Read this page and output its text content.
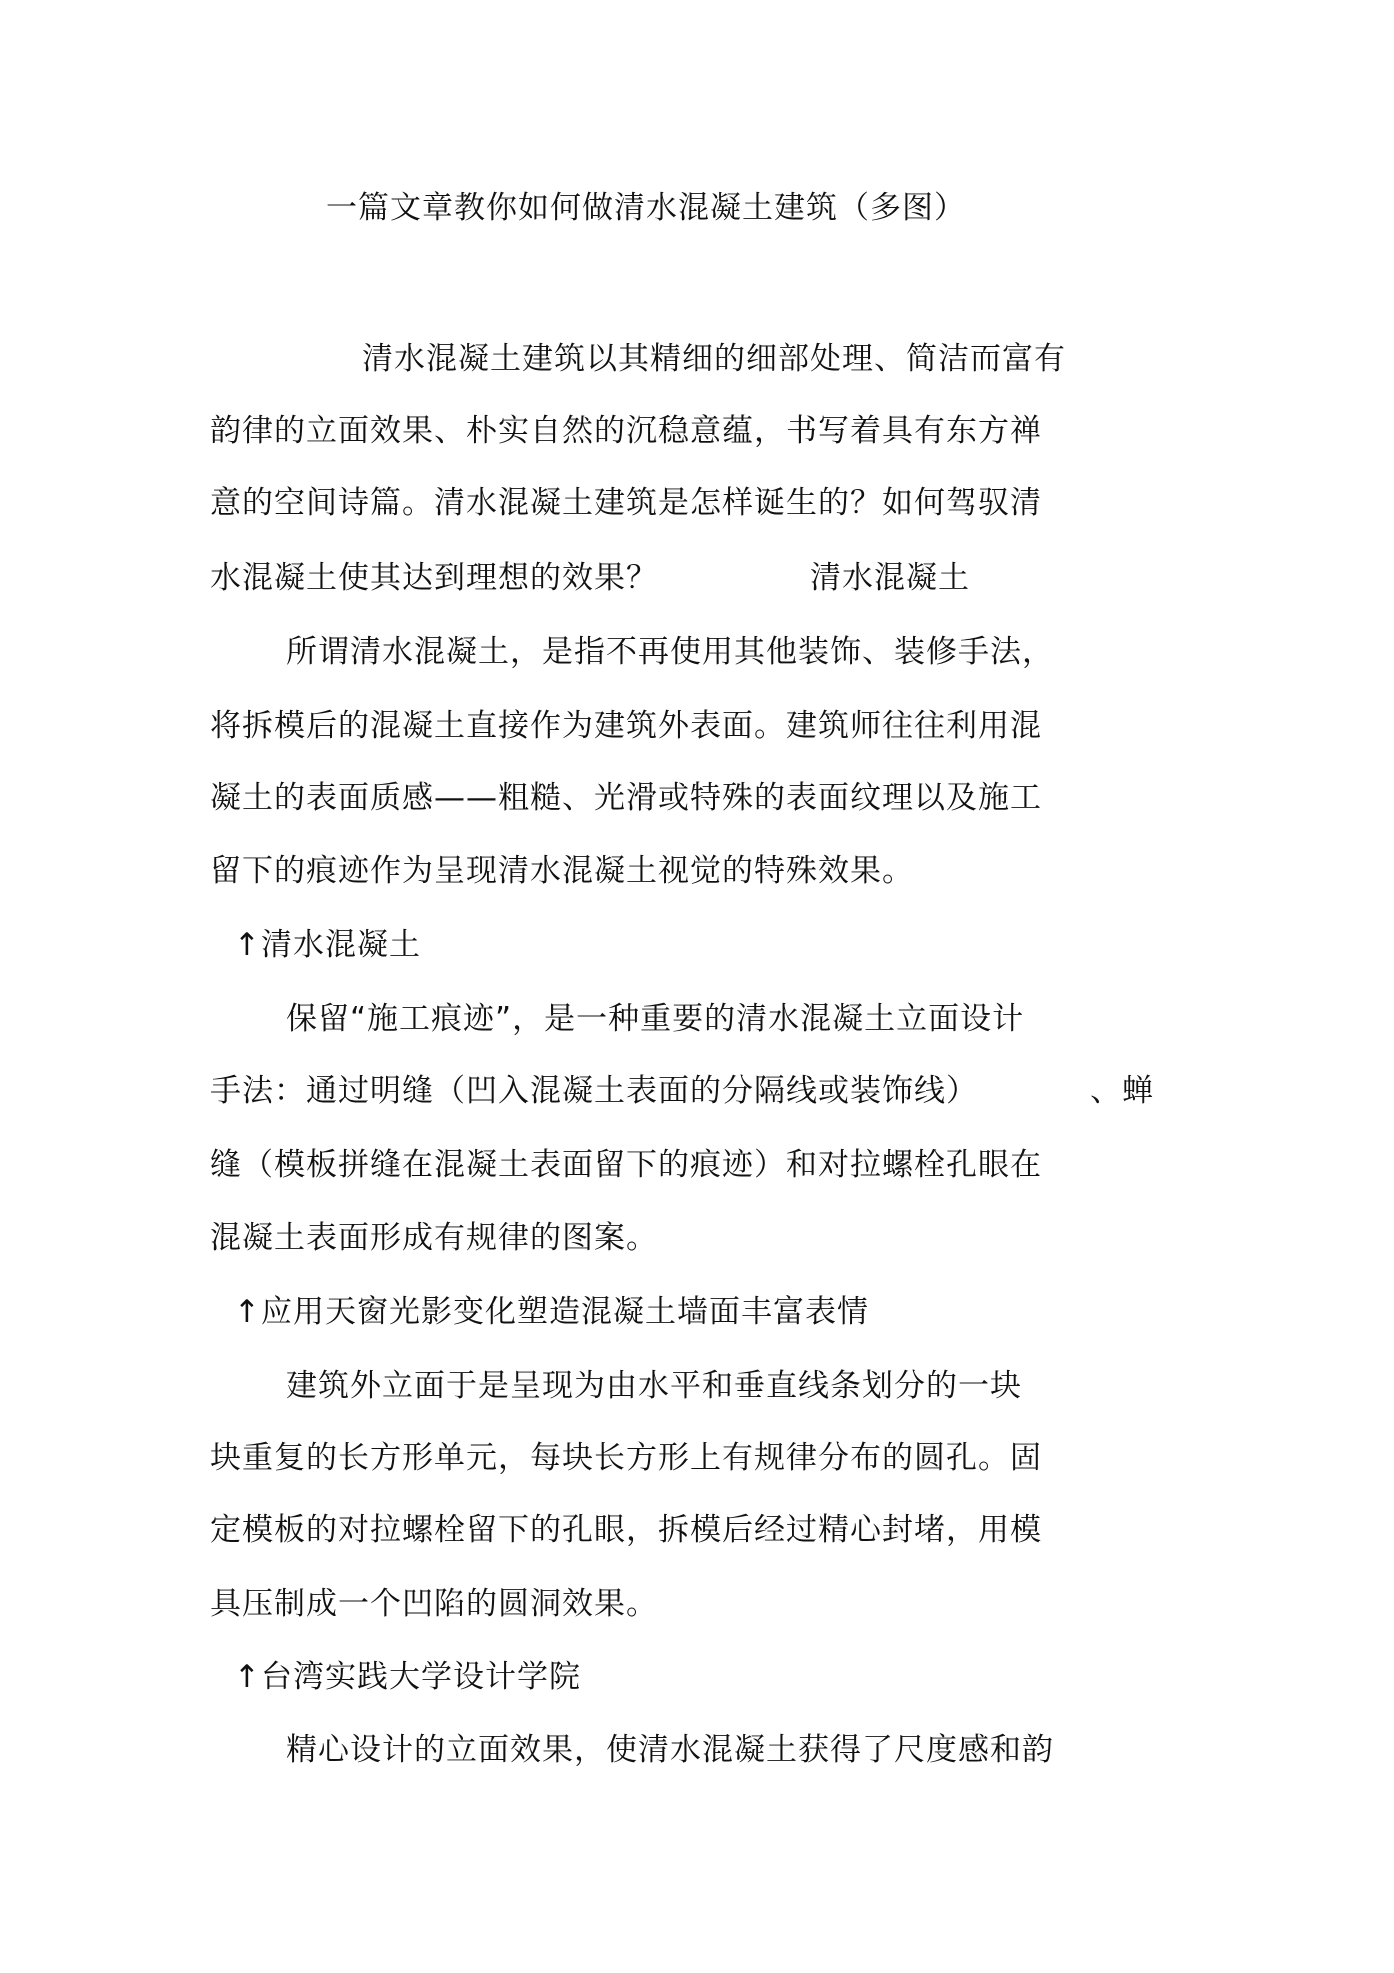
一篇文章教你如何做清水混凝土建筑（多图）
清水混凝土建筑以其精细的细部处理、简洁而富有
韵律的立面效果、朴实自然的沉稳意蕴，书写着具有东方禅
意的空间诗篇。清水混凝土建筑是怎样诞生的？如何驾驭清
水混凝土使其达到理想的效果？	清水混凝土
所谓清水混凝土，是指不再使用其他装饰、装修手法，
将拆模后的混凝土直接作为建筑外表面。建筑师往往利用混
凝土的表面质感——粗糙、光滑或特殊的表面纹理以及施工
留下的痕迹作为呈现清水混凝土视觉的特殊效果。
↑清水混凝土
保留“施工痕迹”，是一种重要的清水混凝土立面设计
手法：通过明缝（凹入混凝土表面的分隔线或装饰线）	、蝉
缝（模板拼缝在混凝土表面留下的痕迹）和对拉螺栓孔眼在
混凝土表面形成有规律的图案。
↑应用天窗光影变化塑造混凝土墙面丰富表情
建筑外立面于是呈现为由水平和垂直线条划分的一块
块重复的长方形单元，每块长方形上有规律分布的圆孔。固
定模板的对拉螺栓留下的孔眼，拆模后经过精心封堵，用模
具压制成一个凹陷的圆洞效果。
↑台湾实践大学设计学院
精心设计的立面效果，使清水混凝土获得了尺度感和韵
